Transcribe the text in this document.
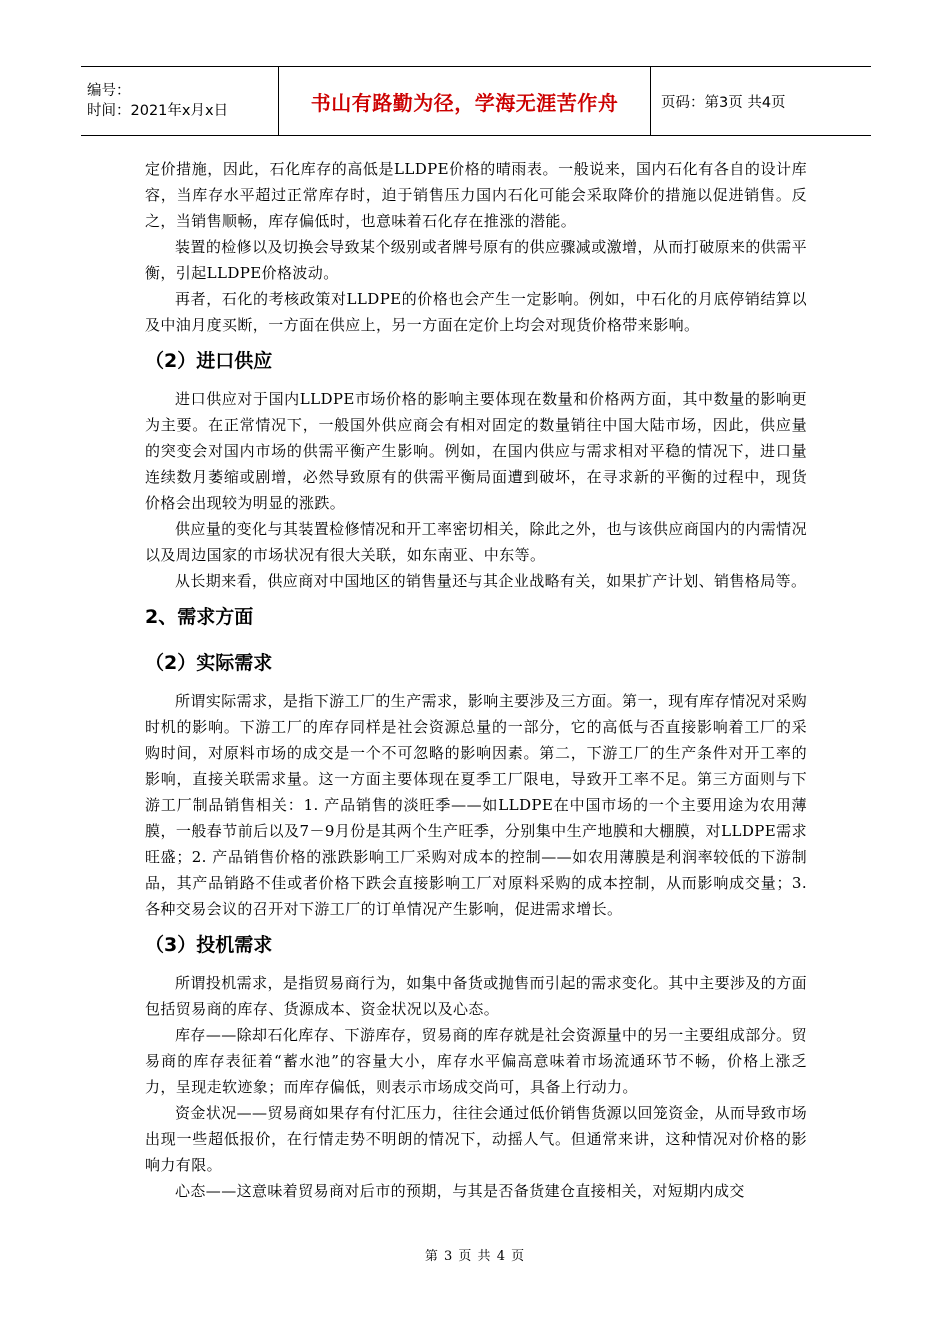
编号：
时间：2021年x月x日	书山有路勤为径，学海无涯苦作舟	页码：第3页 共4页

定价措施，因此，石化库存的高低是LLDPE价格的晴雨表。一般说来，国内石化有各自的设计库容，当库存水平超过正常库存时，迫于销售压力国内石化可能会采取降价的措施以促进销售。反之，当销售顺畅，库存偏低时，也意味着石化存在推涨的潜能。

装置的检修以及切换会导致某个级别或者牌号原有的供应骤减或激增，从而打破原来的供需平衡，引起LLDPE价格波动。

再者，石化的考核政策对LLDPE的价格也会产生一定影响。例如，中石化的月底停销结算以及中油月度买断，一方面在供应上，另一方面在定价上均会对现货价格带来影响。

（2）进口供应

进口供应对于国内LLDPE市场价格的影响主要体现在数量和价格两方面，其中数量的影响更为主要。在正常情况下，一般国外供应商会有相对固定的数量销往中国大陆市场，因此，供应量的突变会对国内市场的供需平衡产生影响。例如，在国内供应与需求相对平稳的情况下，进口量连续数月萎缩或剧增，必然导致原有的供需平衡局面遭到破坏，在寻求新的平衡的过程中，现货价格会出现较为明显的涨跌。

供应量的变化与其装置检修情况和开工率密切相关，除此之外，也与该供应商国内的内需情况以及周边国家的市场状况有很大关联，如东南亚、中东等。

从长期来看，供应商对中国地区的销售量还与其企业战略有关，如果扩产计划、销售格局等。

2、需求方面
（2）实际需求

所谓实际需求，是指下游工厂的生产需求，影响主要涉及三方面。第一，现有库存情况对采购时机的影响。下游工厂的库存同样是社会资源总量的一部分，它的高低与否直接影响着工厂的采购时间，对原料市场的成交是一个不可忽略的影响因素。第二，下游工厂的生产条件对开工率的影响，直接关联需求量。这一方面主要体现在夏季工厂限电，导致开工率不足。第三方面则与下游工厂制品销售相关：1. 产品销售的淡旺季——如LLDPE在中国市场的一个主要用途为农用薄膜，一般春节前后以及7－9月份是其两个生产旺季，分别集中生产地膜和大棚膜，对LLDPE需求旺盛；2. 产品销售价格的涨跌影响工厂采购对成本的控制——如农用薄膜是利润率较低的下游制品，其产品销路不佳或者价格下跌会直接影响工厂对原料采购的成本控制，从而影响成交量；3. 各种交易会议的召开对下游工厂的订单情况产生影响，促进需求增长。

（3）投机需求

所谓投机需求，是指贸易商行为，如集中备货或抛售而引起的需求变化。其中主要涉及的方面包括贸易商的库存、货源成本、资金状况以及心态。

库存——除却石化库存、下游库存，贸易商的库存就是社会资源量中的另一主要组成部分。贸易商的库存表征着“蓄水池”的容量大小，库存水平偏高意味着市场流通环节不畅，价格上涨乏力，呈现走软迹象；而库存偏低，则表示市场成交尚可，具备上行动力。

资金状况——贸易商如果存有付汇压力，往往会通过低价销售货源以回笼资金，从而导致市场出现一些超低报价，在行情走势不明朗的情况下，动摇人气。但通常来讲，这种情况对价格的影响力有限。

心态——这意味着贸易商对后市的预期，与其是否备货建仓直接相关，对短期内成交

第 3 页 共 4 页
